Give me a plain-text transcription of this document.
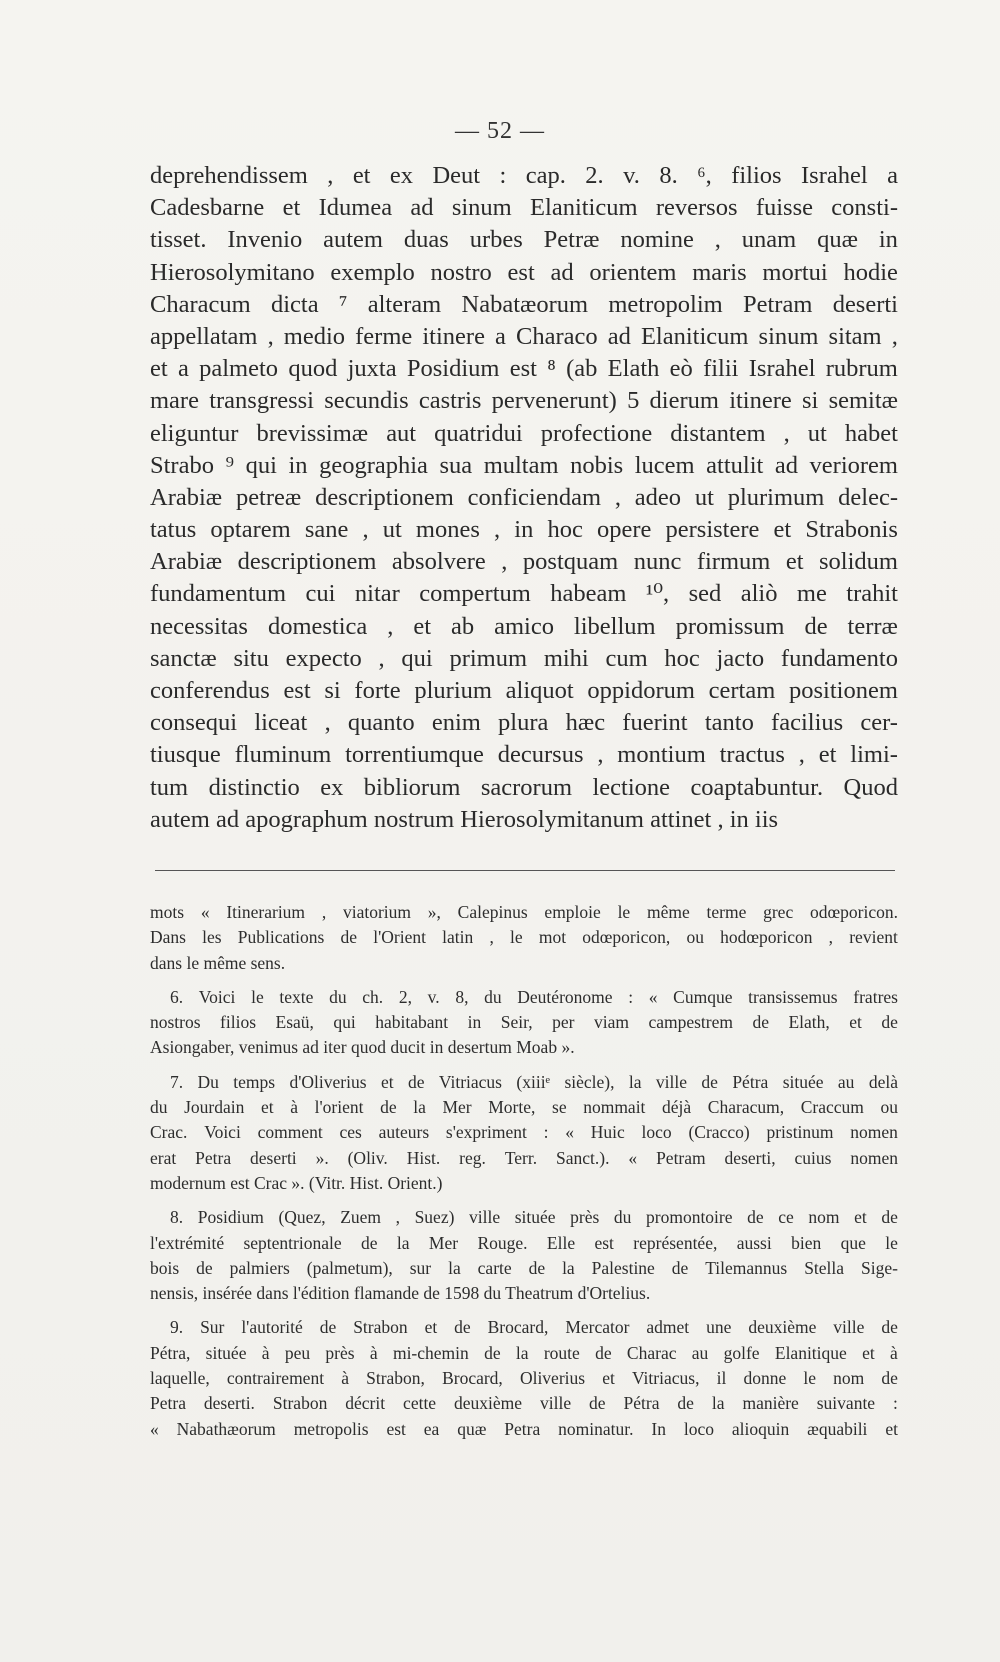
— 52 —
deprehendissem , et ex Deut : cap. 2. v. 8. ⁶, filios Israhel a
Cadesbarne et Idumea ad sinum Elaniticum reversos fuisse consti-
tisset. Invenio autem duas urbes Petræ nomine , unam quæ in
Hierosolymitano exemplo nostro est ad orientem maris mortui hodie
Characum dicta ⁷ alteram Nabatæorum metropolim Petram deserti
appellatam , medio ferme itinere a Characo ad Elaniticum sinum sitam ,
et a palmeto quod juxta Posidium est ⁸ (ab Elath eò filii Israhel rubrum
mare transgressi secundis castris pervenerunt) 5 dierum itinere si semitæ
eliguntur brevissimæ aut quatridui profectione distantem , ut habet
Strabo ⁹ qui in geographia sua multam nobis lucem attulit ad veriorem
Arabiæ petreæ descriptionem conficiendam , adeo ut plurimum delec-
tatus optarem sane , ut mones , in hoc opere persistere et Strabonis
Arabiæ descriptionem absolvere , postquam nunc firmum et solidum
fundamentum cui nitar compertum habeam ¹⁰, sed aliò me trahit
necessitas domestica , et ab amico libellum promissum de terræ
sanctæ situ expecto , qui primum mihi cum hoc jacto fundamento
conferendus est si forte plurium aliquot oppidorum certam positionem
consequi liceat , quanto enim plura hæc fuerint tanto facilius cer-
tiusque fluminum torrentiumque decursus , montium tractus , et limi-
tum distinctio ex bibliorum sacrorum lectione coaptabuntur. Quod
autem ad apographum nostrum Hierosolymitanum attinet , in iis
mots « Itinerarium , viatorium », Calepinus emploie le même terme grec odœporicon.
Dans les Publications de l'Orient latin , le mot odœporicon, ou hodœporicon , revient
dans le même sens.
6. Voici le texte du ch. 2, v. 8, du Deutéronome : « Cumque transissemus fratres
nostros filios Esaü, qui habitabant in Seir, per viam campestrem de Elath, et de
Asiongaber, venimus ad iter quod ducit in desertum Moab ».
7. Du temps d'Oliverius et de Vitriacus (xiiiᵉ siècle), la ville de Pétra située au delà
du Jourdain et à l'orient de la Mer Morte, se nommait déjà Characum, Craccum ou
Crac. Voici comment ces auteurs s'expriment : « Huic loco (Cracco) pristinum nomen
erat Petra deserti ». (Oliv. Hist. reg. Terr. Sanct.). « Petram deserti, cuius nomen
modernum est Crac ». (Vitr. Hist. Orient.)
8. Posidium (Quez, Zuem , Suez) ville située près du promontoire de ce nom et de
l'extrémité septentrionale de la Mer Rouge. Elle est représentée, aussi bien que le
bois de palmiers (palmetum), sur la carte de la Palestine de Tilemannus Stella Sige-
nensis, insérée dans l'édition flamande de 1598 du Theatrum d'Ortelius.
9. Sur l'autorité de Strabon et de Brocard, Mercator admet une deuxième ville de
Pétra, située à peu près à mi-chemin de la route de Charac au golfe Elanitique et à
laquelle, contrairement à Strabon, Brocard, Oliverius et Vitriacus, il donne le nom de
Petra deserti. Strabon décrit cette deuxième ville de Pétra de la manière suivante :
« Nabathæorum metropolis est ea quæ Petra nominatur. In loco alioquin æquabili et
